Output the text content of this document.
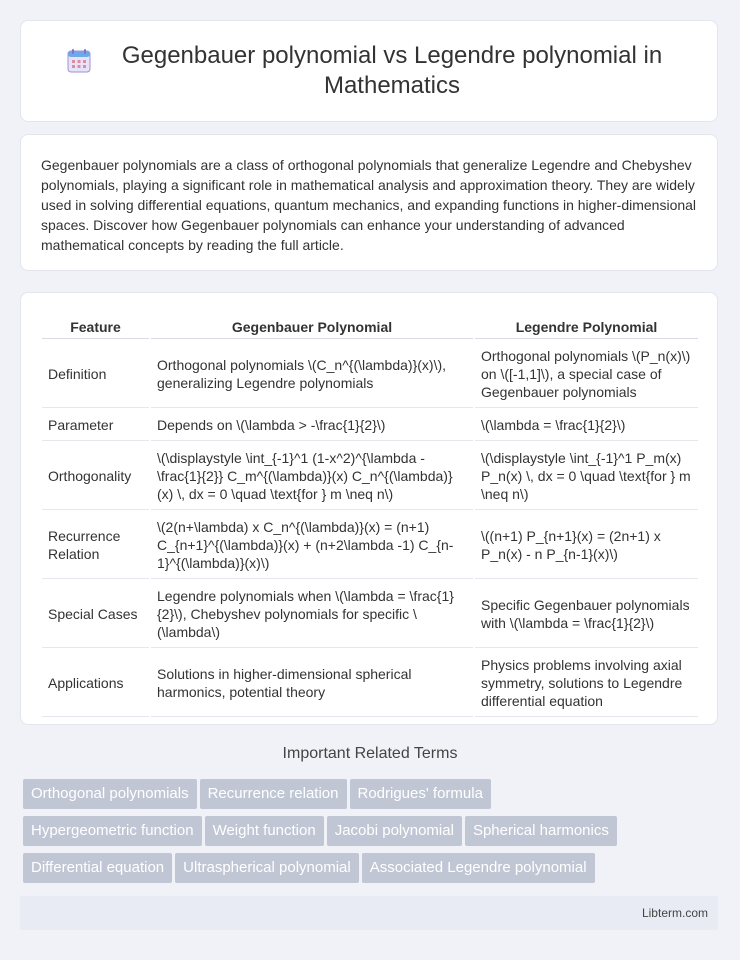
Gegenbauer polynomial vs Legendre polynomial in Mathematics

Gegenbauer polynomials are a class of orthogonal polynomials that generalize Legendre and Chebyshev polynomials, playing a significant role in mathematical analysis and approximation theory. They are widely used in solving differential equations, quantum mechanics, and expanding functions in higher-dimensional spaces. Discover how Gegenbauer polynomials can enhance your understanding of advanced mathematical concepts by reading the full article.

Feature	Gegenbauer Polynomial	Legendre Polynomial
Definition	Orthogonal polynomials \(C_n^{(\lambda)}(x)\), generalizing Legendre polynomials	Orthogonal polynomials \(P_n(x)\) on \([-1,1]\), a special case of Gegenbauer polynomials
Parameter	Depends on \(\lambda > -\frac{1}{2}\)	\(\lambda = \frac{1}{2}\)
Orthogonality	\(\displaystyle \int_{-1}^1 (1-x^2)^{\lambda - \frac{1}{2}} C_m^{(\lambda)}(x) C_n^{(\lambda)}(x) \, dx = 0 \quad \text{for } m \neq n\)	\(\displaystyle \int_{-1}^1 P_m(x) P_n(x) \, dx = 0 \quad \text{for } m \neq n\)
Recurrence Relation	\(2(n+\lambda) x C_n^{(\lambda)}(x) = (n+1) C_{n+1}^{(\lambda)}(x) + (n+2\lambda -1) C_{n-1}^{(\lambda)}(x)\)	\((n+1) P_{n+1}(x) = (2n+1) x P_n(x) - n P_{n-1}(x)\)
Special Cases	Legendre polynomials when \(\lambda = \frac{1}{2}\), Chebyshev polynomials for specific \(\lambda\)	Specific Gegenbauer polynomials with \(\lambda = \frac{1}{2}\)
Applications	Solutions in higher-dimensional spherical harmonics, potential theory	Physics problems involving axial symmetry, solutions to Legendre differential equation
Important Related Terms
Orthogonal polynomials Recurrence relation Rodrigues' formula
Hypergeometric function Weight function Jacobi polynomial Spherical harmonics
Differential equation Ultraspherical polynomial Associated Legendre polynomial
Libterm.com
